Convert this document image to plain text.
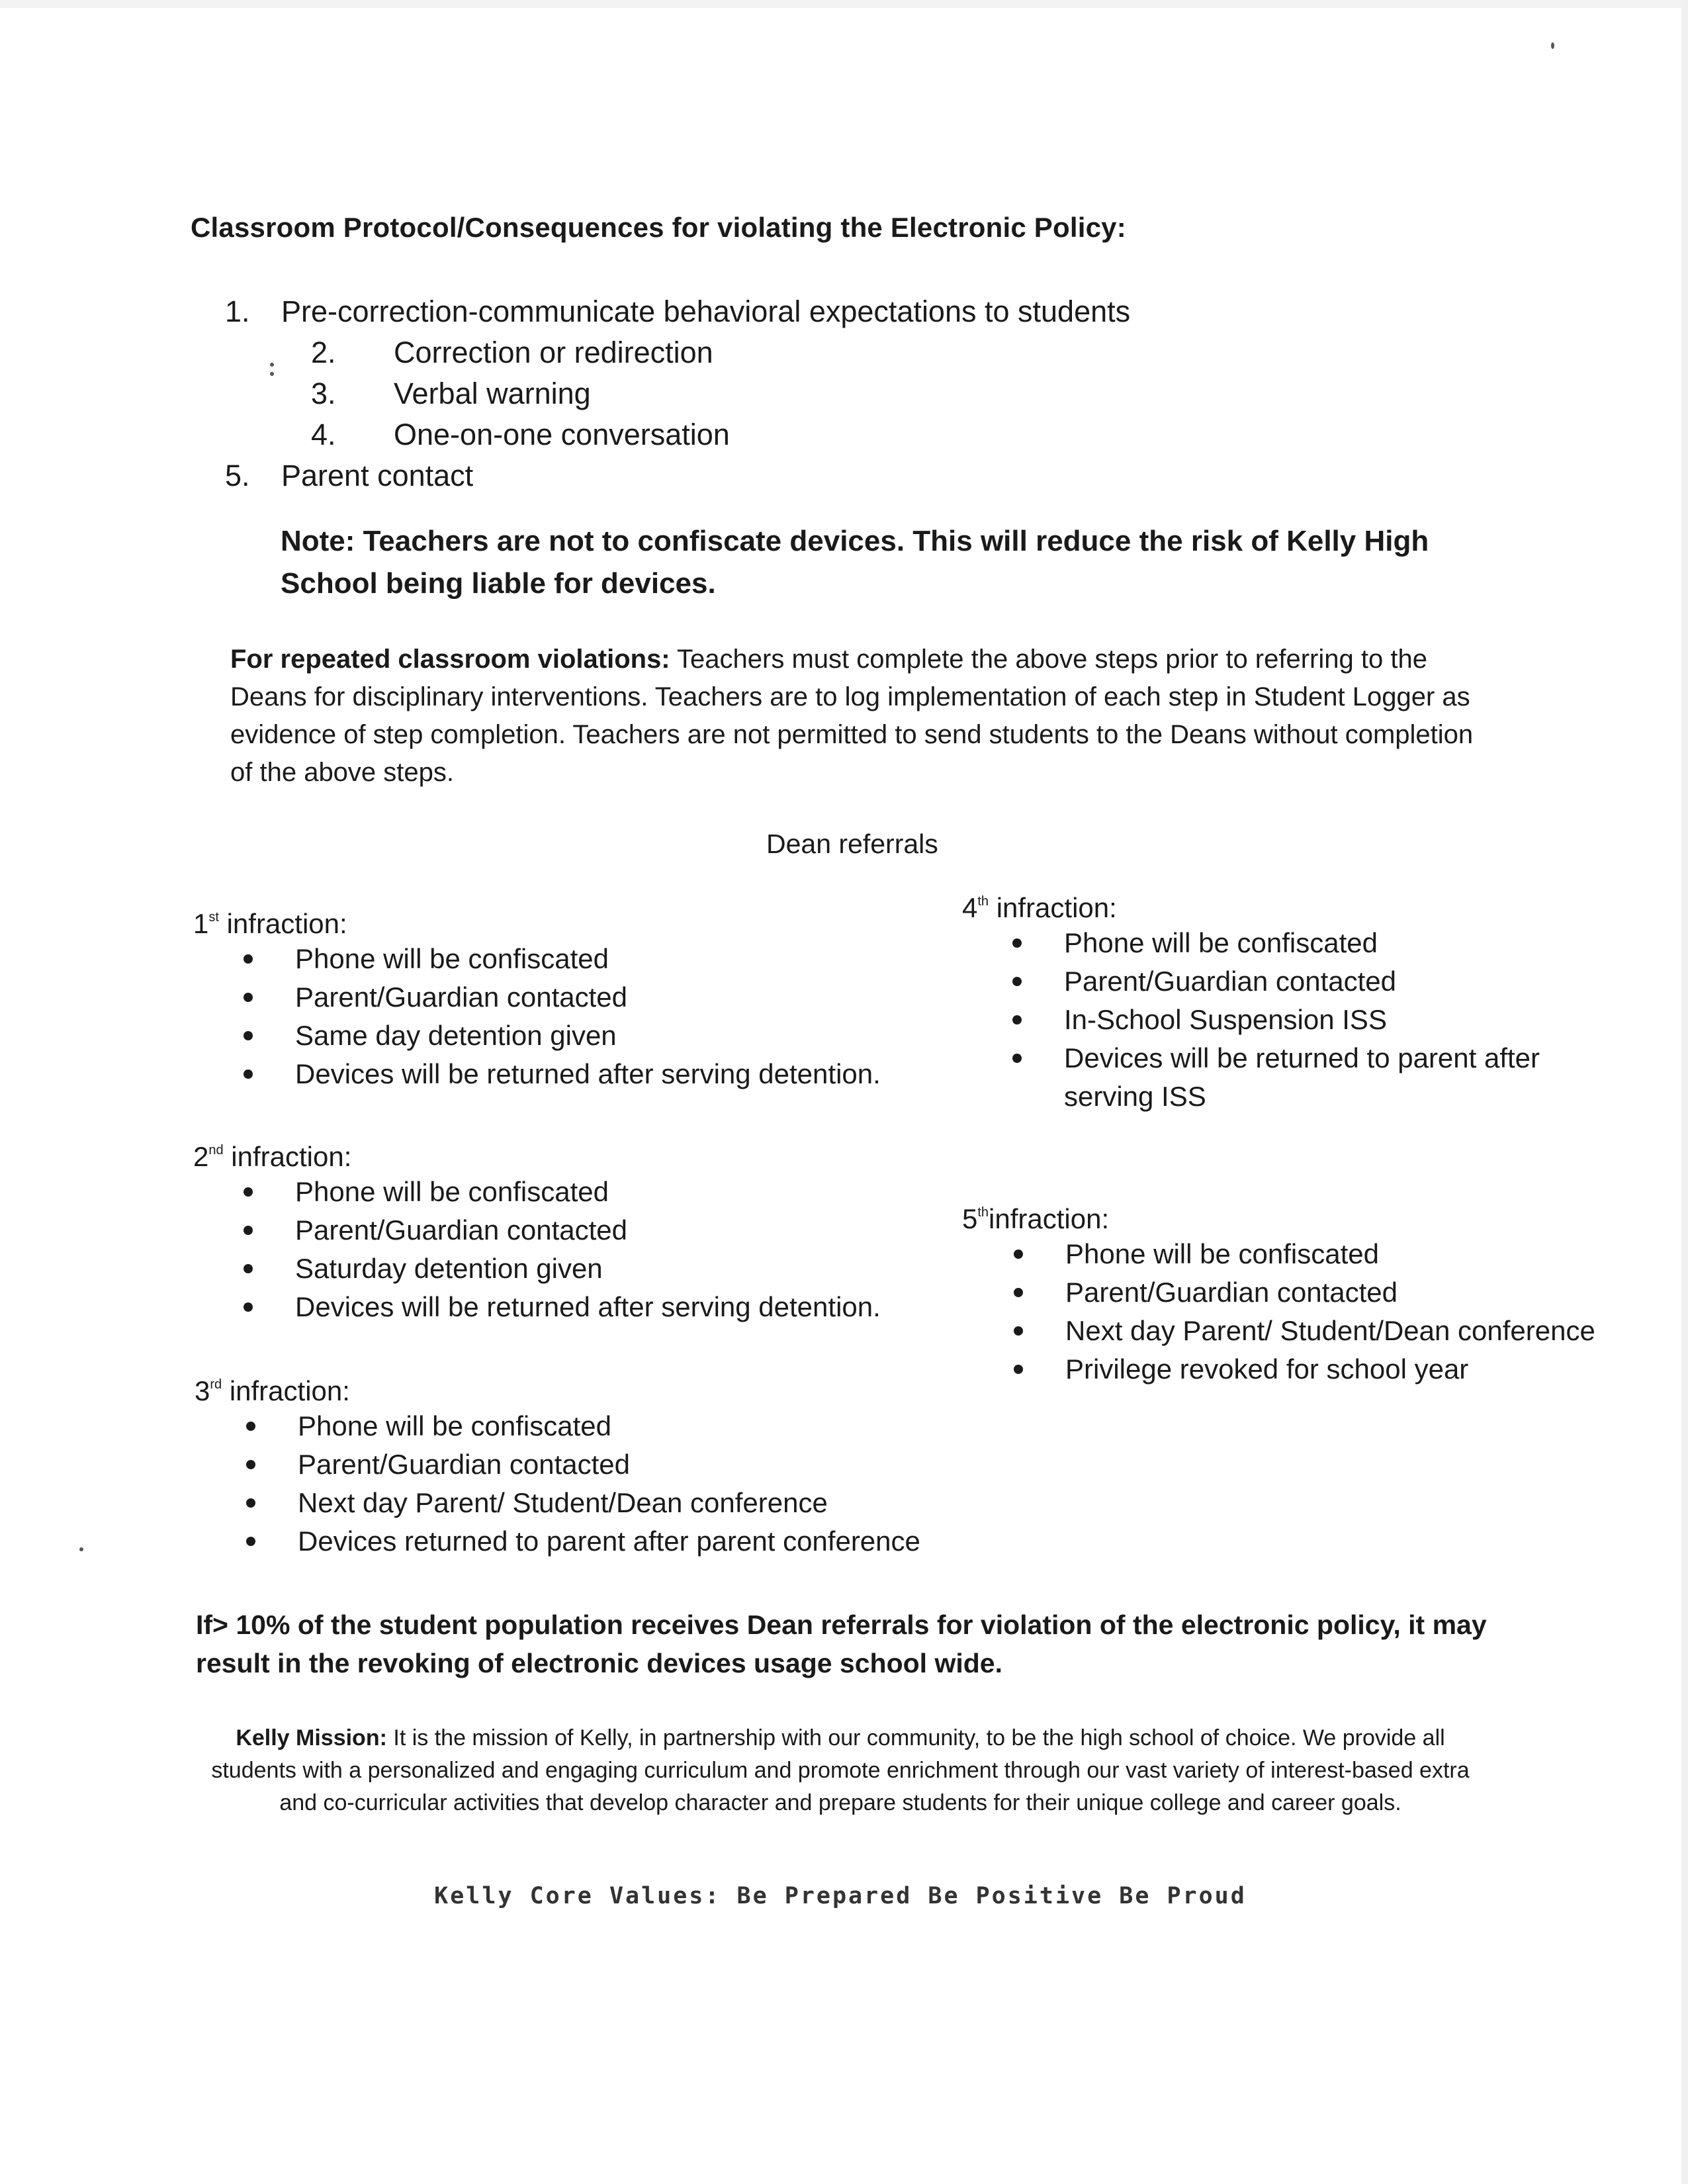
Classroom Protocol/Consequences for violating the Electronic Policy:
1. Pre-correction-communicate behavioral expectations to students
2. Correction or redirection
3. Verbal warning
4. One-on-one conversation
5. Parent contact
Note: Teachers are not to confiscate devices. This will reduce the risk of Kelly High School being liable for devices.
For repeated classroom violations: Teachers must complete the above steps prior to referring to the Deans for disciplinary interventions. Teachers are to log implementation of each step in Student Logger as evidence of step completion. Teachers are not permitted to send students to the Deans without completion of the above steps.
Dean referrals
1st infraction:
Phone will be confiscated
Parent/Guardian contacted
Same day detention given
Devices will be returned after serving detention.
2nd infraction:
Phone will be confiscated
Parent/Guardian contacted
Saturday detention given
Devices will be returned after serving detention.
3rd infraction:
Phone will be confiscated
Parent/Guardian contacted
Next day Parent/ Student/Dean conference
Devices returned to parent after parent conference
4th infraction:
Phone will be confiscated
Parent/Guardian contacted
In-School Suspension ISS
Devices will be returned to parent after serving ISS
5thinfraction:
Phone will be confiscated
Parent/Guardian contacted
Next day Parent/ Student/Dean conference
Privilege revoked for school year
If> 10% of the student population receives Dean referrals for violation of the electronic policy, it may result in the revoking of electronic devices usage school wide.
Kelly Mission: It is the mission of Kelly, in partnership with our community, to be the high school of choice. We provide all students with a personalized and engaging curriculum and promote enrichment through our vast variety of interest-based extra and co-curricular activities that develop character and prepare students for their unique college and career goals.
Kelly Core Values: Be Prepared Be Positive Be Proud
